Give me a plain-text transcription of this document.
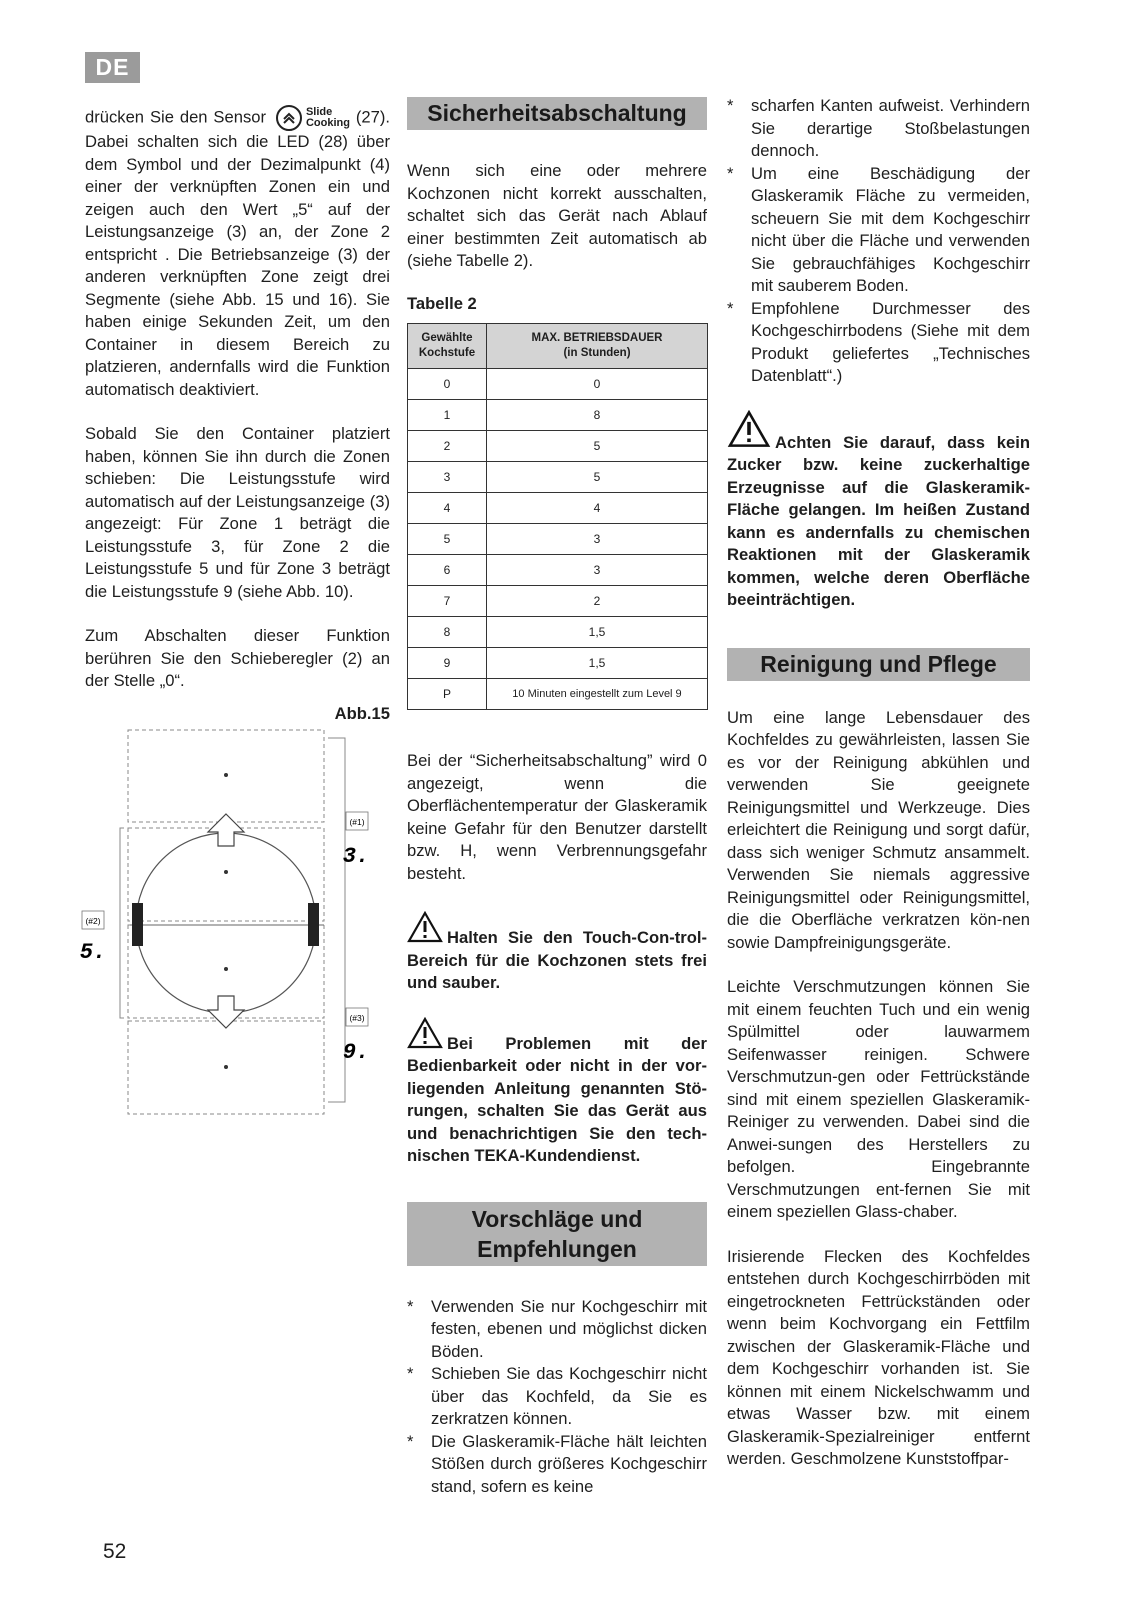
DE

drücken Sie den Sensor	Slide
Cooking (27). Dabei schalten sich die LED (28) über dem Symbol und der Dezimalpunkt (4) einer der verknüpften Zonen ein und zeigen auch den Wert „5“ auf der Leistungsanzeige (3) an, der Zone 2 entspricht . Die Betriebsanzeige (3) der anderen verknüpften Zone zeigt drei Segmente (siehe Abb. 15 und 16). Sie haben einige Sekunden Zeit, um den Container in diesem Bereich zu platzieren, andernfalls wird die Funktion automatisch deaktiviert.

Sobald Sie den Container platziert haben, können Sie ihn durch die Zonen schieben: Die Leistungsstufe wird automatisch auf der Leistungsanzeige (3) angezeigt: Für Zone 1 beträgt die Leistungsstufe 3, für Zone 2 die Leistungsstufe 5 und für Zone 3 beträgt die Leistungsstufe 9 (siehe Abb. 10).

Zum Abschalten dieser Funktion berühren Sie den Schieberegler (2) an der Stelle „0“.

Abb.15
(#1)
3.
(#2)
5.
(#3)
9.
Sicherheitsabschaltung

Wenn sich eine oder mehrere Kochzonen nicht korrekt ausschalten, schaltet sich das Gerät nach Ablauf einer bestimmten Zeit automatisch ab (siehe Tabelle 2).

Tabelle 2
Gewählte Kochstufe	MAX. BETRIEBSDAUER
(in Stunden)
0	0
1	8
2	5
3	5
4	4
5	3
6	3
7	2
8	1,5
9	1,5
P	10 Minuten eingestellt zum Level 9

Bei der “Sicherheitsabschaltung” wird 0 angezeigt, wenn die Oberflächentemperatur der Glaskeramik keine Gefahr für den Benutzer darstellt bzw. H, wenn Verbrennungsgefahr besteht.

Halten Sie den Touch-Con-trol-Bereich für die Kochzonen stets frei und sauber.
Bei Problemen mit der Bedienbarkeit oder nicht in der vor-liegenden Anleitung genannten Stö-rungen, schalten Sie das Gerät aus und benachrichtigen Sie den tech-nischen TEKA-Kundendienst.
Vorschläge und
Empfehlungen
* Verwenden Sie nur Kochgeschirr mit festen, ebenen und möglichst dicken Böden.
* Schieben Sie das Kochgeschirr nicht über das Kochfeld, da Sie es zerkratzen können.
* Die Glaskeramik-Fläche hält leichten Stößen durch größeres Kochgeschirr stand, sofern es keine
* scharfen Kanten aufweist. Verhindern Sie derartige Stoßbelastungen dennoch.
* Um eine Beschädigung der Glaskeramik Fläche zu vermeiden, scheuern Sie mit dem Kochgeschirr nicht über die Fläche und verwenden Sie gebrauchfähiges Kochgeschirr mit sauberem Boden.
* Empfohlene Durchmesser des Kochgeschirrbodens (Siehe mit dem Produkt geliefertes „Technisches Datenblatt“.)
Achten Sie darauf, dass kein Zucker bzw. keine zuckerhaltige Erzeugnisse auf die Glaskeramik-Fläche gelangen. Im heißen Zustand kann es andernfalls zu chemischen Reaktionen mit der Glaskeramik kommen, welche deren Oberfläche beeinträchtigen.
Reinigung und Pflege

Um eine lange Lebensdauer des Kochfeldes zu gewährleisten, lassen Sie es vor der Reinigung abkühlen und verwenden Sie geeignete Reinigungsmittel und Werkzeuge. Dies erleichtert die Reinigung und sorgt dafür, dass sich weniger Schmutz ansammelt. Verwenden Sie niemals aggressive Reinigungsmittel oder Reinigungsmittel, die die Oberfläche verkratzen kön-nen sowie Dampfreinigungsgeräte.

Leichte Verschmutzungen können Sie mit einem feuchten Tuch und ein wenig Spülmittel oder lauwarmem Seifenwasser reinigen. Schwere Verschmutzun-gen oder Fettrückstände sind mit einem speziellen Glaskeramik-Reiniger zu verwenden. Dabei sind die Anwei-sungen des Herstellers zu befolgen. Eingebrannte Verschmutzungen ent-fernen Sie mit einem speziellen Glass-chaber.

Irisierende Flecken des Kochfeldes entstehen durch Kochgeschirrböden mit eingetrockneten Fettrückständen oder wenn beim Kochvorgang ein Fettfilm zwischen der Glaskeramik-Fläche und dem Kochgeschirr vorhanden ist. Sie können mit einem Nickelschwamm und etwas Wasser bzw. mit einem Glaskeramik-Spezialreiniger entfernt werden. Geschmolzene Kunststoffpar-

52
